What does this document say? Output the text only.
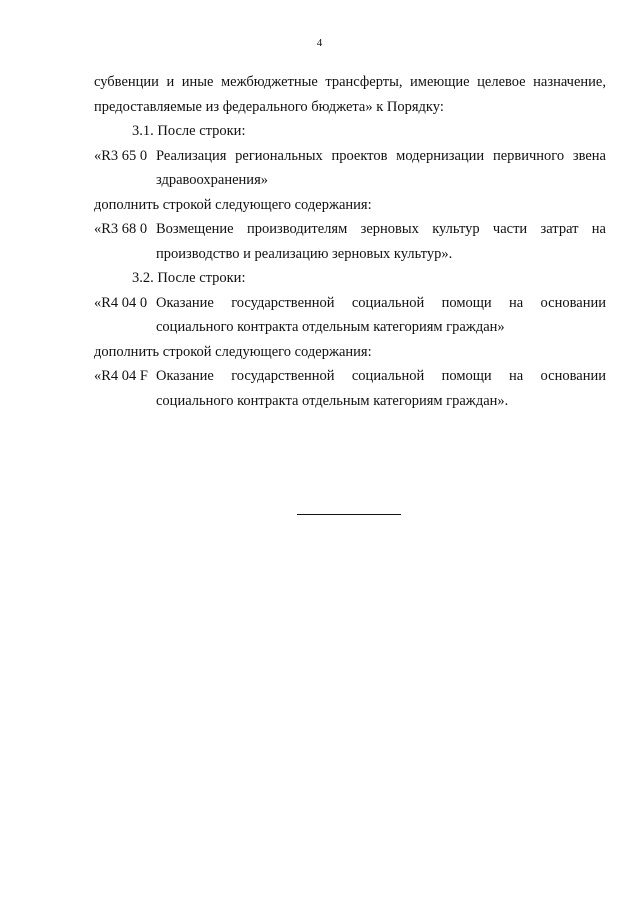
4

субвенции и иные межбюджетные трансферты, имеющие целевое назначение,

предоставляемые из федерального бюджета» к Порядку:

3.1. После строки:

«R3 65 0 Реализация региональных проектов модернизации первичного звена
здравоохранения»

дополнить строкой следующего содержания:

«R3 68 0 Возмещение производителям зерновых культур части затрат на
производство и реализацию зерновых культур».

3.2. После строки:

«R4 04 0 Оказание государственной социальной помощи на основании
социального контракта отдельным категориям граждан»

дополнить строкой следующего содержания:

«R4 04 F Оказание государственной социальной помощи на основании
социального контракта отдельным категориям граждан».
